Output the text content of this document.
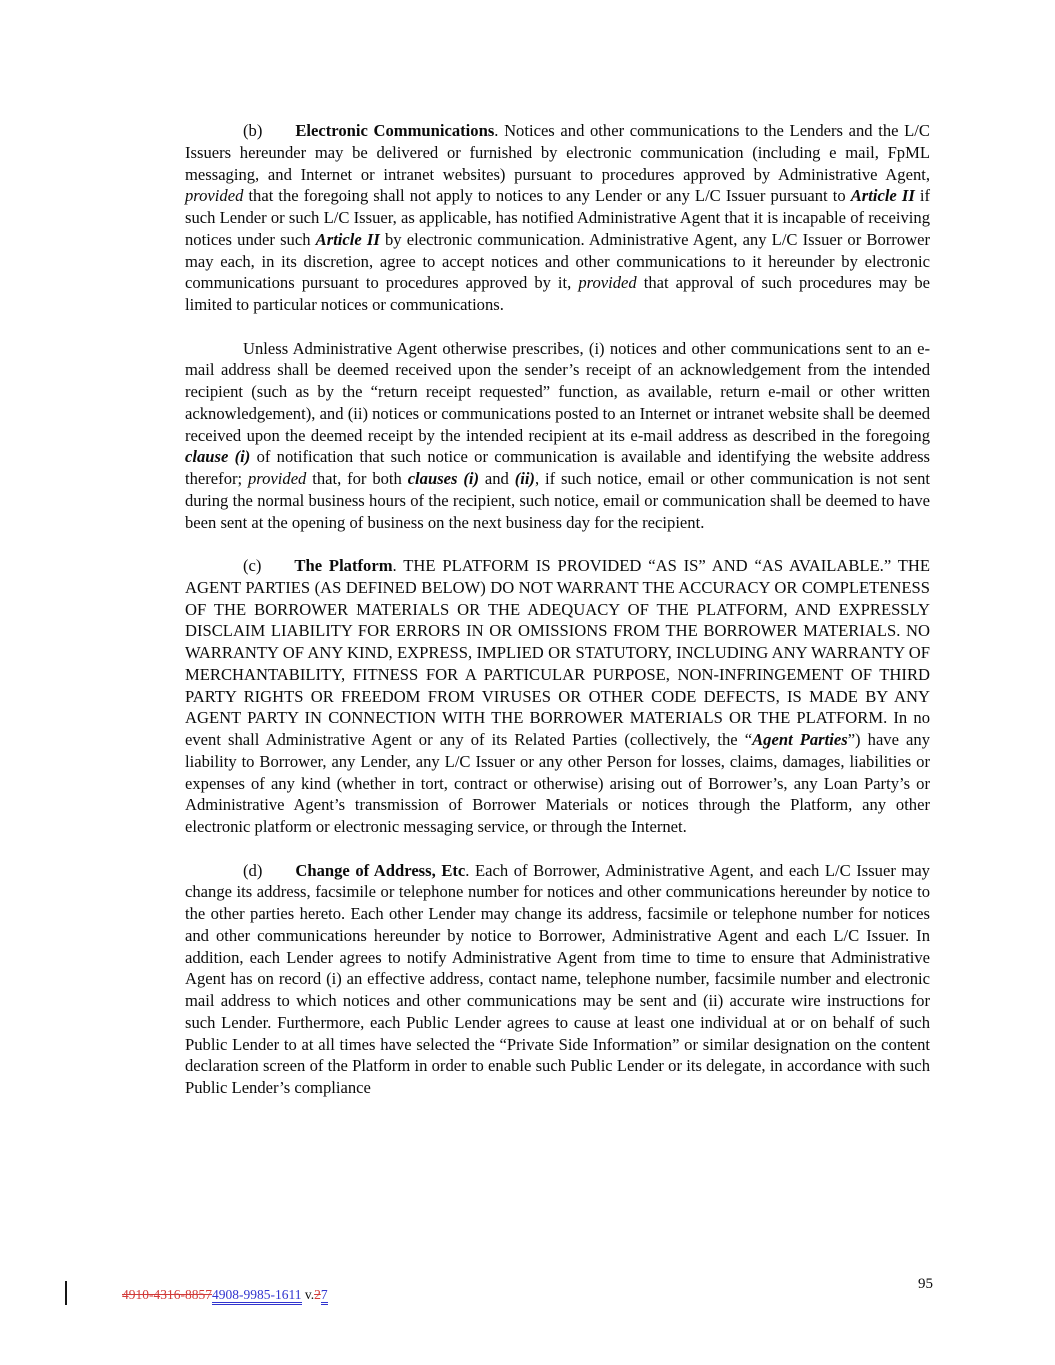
(b) Electronic Communications. Notices and other communications to the Lenders and the L/C Issuers hereunder may be delivered or furnished by electronic communication (including e mail, FpML messaging, and Internet or intranet websites) pursuant to procedures approved by Administrative Agent, provided that the foregoing shall not apply to notices to any Lender or any L/C Issuer pursuant to Article II if such Lender or such L/C Issuer, as applicable, has notified Administrative Agent that it is incapable of receiving notices under such Article II by electronic communication. Administrative Agent, any L/C Issuer or Borrower may each, in its discretion, agree to accept notices and other communications to it hereunder by electronic communications pursuant to procedures approved by it, provided that approval of such procedures may be limited to particular notices or communications.

Unless Administrative Agent otherwise prescribes, (i) notices and other communications sent to an e-mail address shall be deemed received upon the sender’s receipt of an acknowledgement from the intended recipient (such as by the “return receipt requested” function, as available, return e-mail or other written acknowledgement), and (ii) notices or communications posted to an Internet or intranet website shall be deemed received upon the deemed receipt by the intended recipient at its e-mail address as described in the foregoing clause (i) of notification that such notice or communication is available and identifying the website address therefor; provided that, for both clauses (i) and (ii), if such notice, email or other communication is not sent during the normal business hours of the recipient, such notice, email or communication shall be deemed to have been sent at the opening of business on the next business day for the recipient.

(c) The Platform. THE PLATFORM IS PROVIDED “AS IS” AND “AS AVAILABLE.” THE AGENT PARTIES (AS DEFINED BELOW) DO NOT WARRANT THE ACCURACY OR COMPLETENESS OF THE BORROWER MATERIALS OR THE ADEQUACY OF THE PLATFORM, AND EXPRESSLY DISCLAIM LIABILITY FOR ERRORS IN OR OMISSIONS FROM THE BORROWER MATERIALS. NO WARRANTY OF ANY KIND, EXPRESS, IMPLIED OR STATUTORY, INCLUDING ANY WARRANTY OF MERCHANTABILITY, FITNESS FOR A PARTICULAR PURPOSE, NON-INFRINGEMENT OF THIRD PARTY RIGHTS OR FREEDOM FROM VIRUSES OR OTHER CODE DEFECTS, IS MADE BY ANY AGENT PARTY IN CONNECTION WITH THE BORROWER MATERIALS OR THE PLATFORM. In no event shall Administrative Agent or any of its Related Parties (collectively, the “Agent Parties”) have any liability to Borrower, any Lender, any L/C Issuer or any other Person for losses, claims, damages, liabilities or expenses of any kind (whether in tort, contract or otherwise) arising out of Borrower’s, any Loan Party’s or Administrative Agent’s transmission of Borrower Materials or notices through the Platform, any other electronic platform or electronic messaging service, or through the Internet.

(d) Change of Address, Etc. Each of Borrower, Administrative Agent, and each L/C Issuer may change its address, facsimile or telephone number for notices and other communications hereunder by notice to the other parties hereto. Each other Lender may change its address, facsimile or telephone number for notices and other communications hereunder by notice to Borrower, Administrative Agent and each L/C Issuer. In addition, each Lender agrees to notify Administrative Agent from time to time to ensure that Administrative Agent has on record (i) an effective address, contact name, telephone number, facsimile number and electronic mail address to which notices and other communications may be sent and (ii) accurate wire instructions for such Lender. Furthermore, each Public Lender agrees to cause at least one individual at or on behalf of such Public Lender to at all times have selected the “Private Side Information” or similar designation on the content declaration screen of the Platform in order to enable such Public Lender or its delegate, in accordance with such Public Lender’s compliance

4910-4316-88574908-9985-1611 v.27
95
